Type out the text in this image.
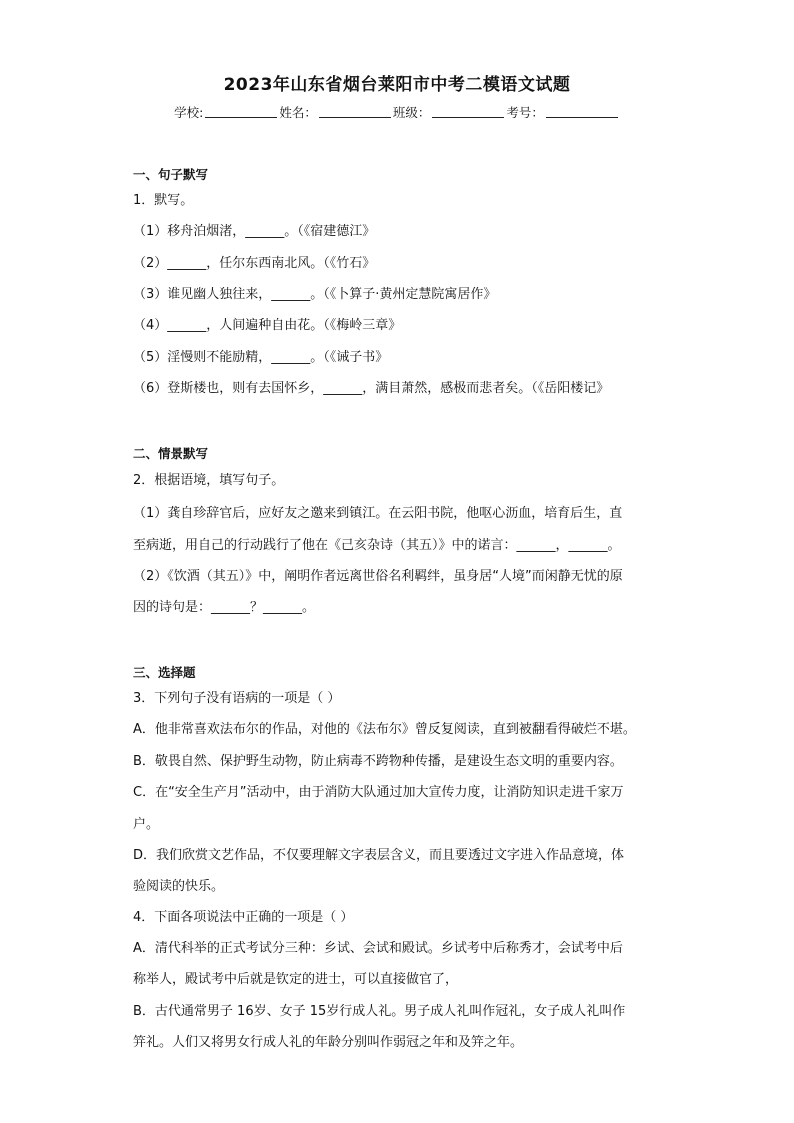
2023年山东省烟台莱阳市中考二模语文试题
学校:	姓名：	班级：	考号：
一、句子默写
1．默写。
（1）移舟泊烟渚，______。（《宿建德江》
（2）______，任尔东西南北风。（《竹石》
（3）谁见幽人独往来，______。（《卜算子·黄州定慧院寓居作》
（4）______，人间遍种自由花。（《梅岭三章》
（5）淫慢则不能励精，______。（《诫子书》
（6）登斯楼也，则有去国怀乡，______，满目萧然，感极而悲者矣。（《岳阳楼记》
二、情景默写
2．根据语境，填写句子。
（1）龚自珍辞官后，应好友之邀来到镇江。在云阳书院，他呕心沥血，培育后生，直
至病逝，用自己的行动践行了他在《己亥杂诗（其五）》中的诺言：______，______。
（2）《饮酒（其五）》中，阐明作者远离世俗名利羁绊，虽身居“人境”而闲静无忧的原
因的诗句是：______？______。
三、选择题
3．下列句子没有语病的一项是（ ）
A．他非常喜欢法布尔的作品，对他的《法布尔》曾反复阅读，直到被翻看得破烂不堪。
B．敬畏自然、保护野生动物，防止病毒不跨物种传播，是建设生态文明的重要内容。
C．在“安全生产月”活动中，由于消防大队通过加大宣传力度，让消防知识走进千家万
户。
D．我们欣赏文艺作品，不仅要理解文字表层含义，而且要透过文字进入作品意境，体
验阅读的快乐。
4．下面各项说法中正确的一项是（ ）
A．清代科举的正式考试分三种：乡试、会试和殿试。乡试考中后称秀才，会试考中后
称举人，殿试考中后就是钦定的进士，可以直接做官了，
B．古代通常男子 16岁、女子 15岁行成人礼。男子成人礼叫作冠礼，女子成人礼叫作
笄礼。人们又将男女行成人礼的年龄分别叫作弱冠之年和及笄之年。
